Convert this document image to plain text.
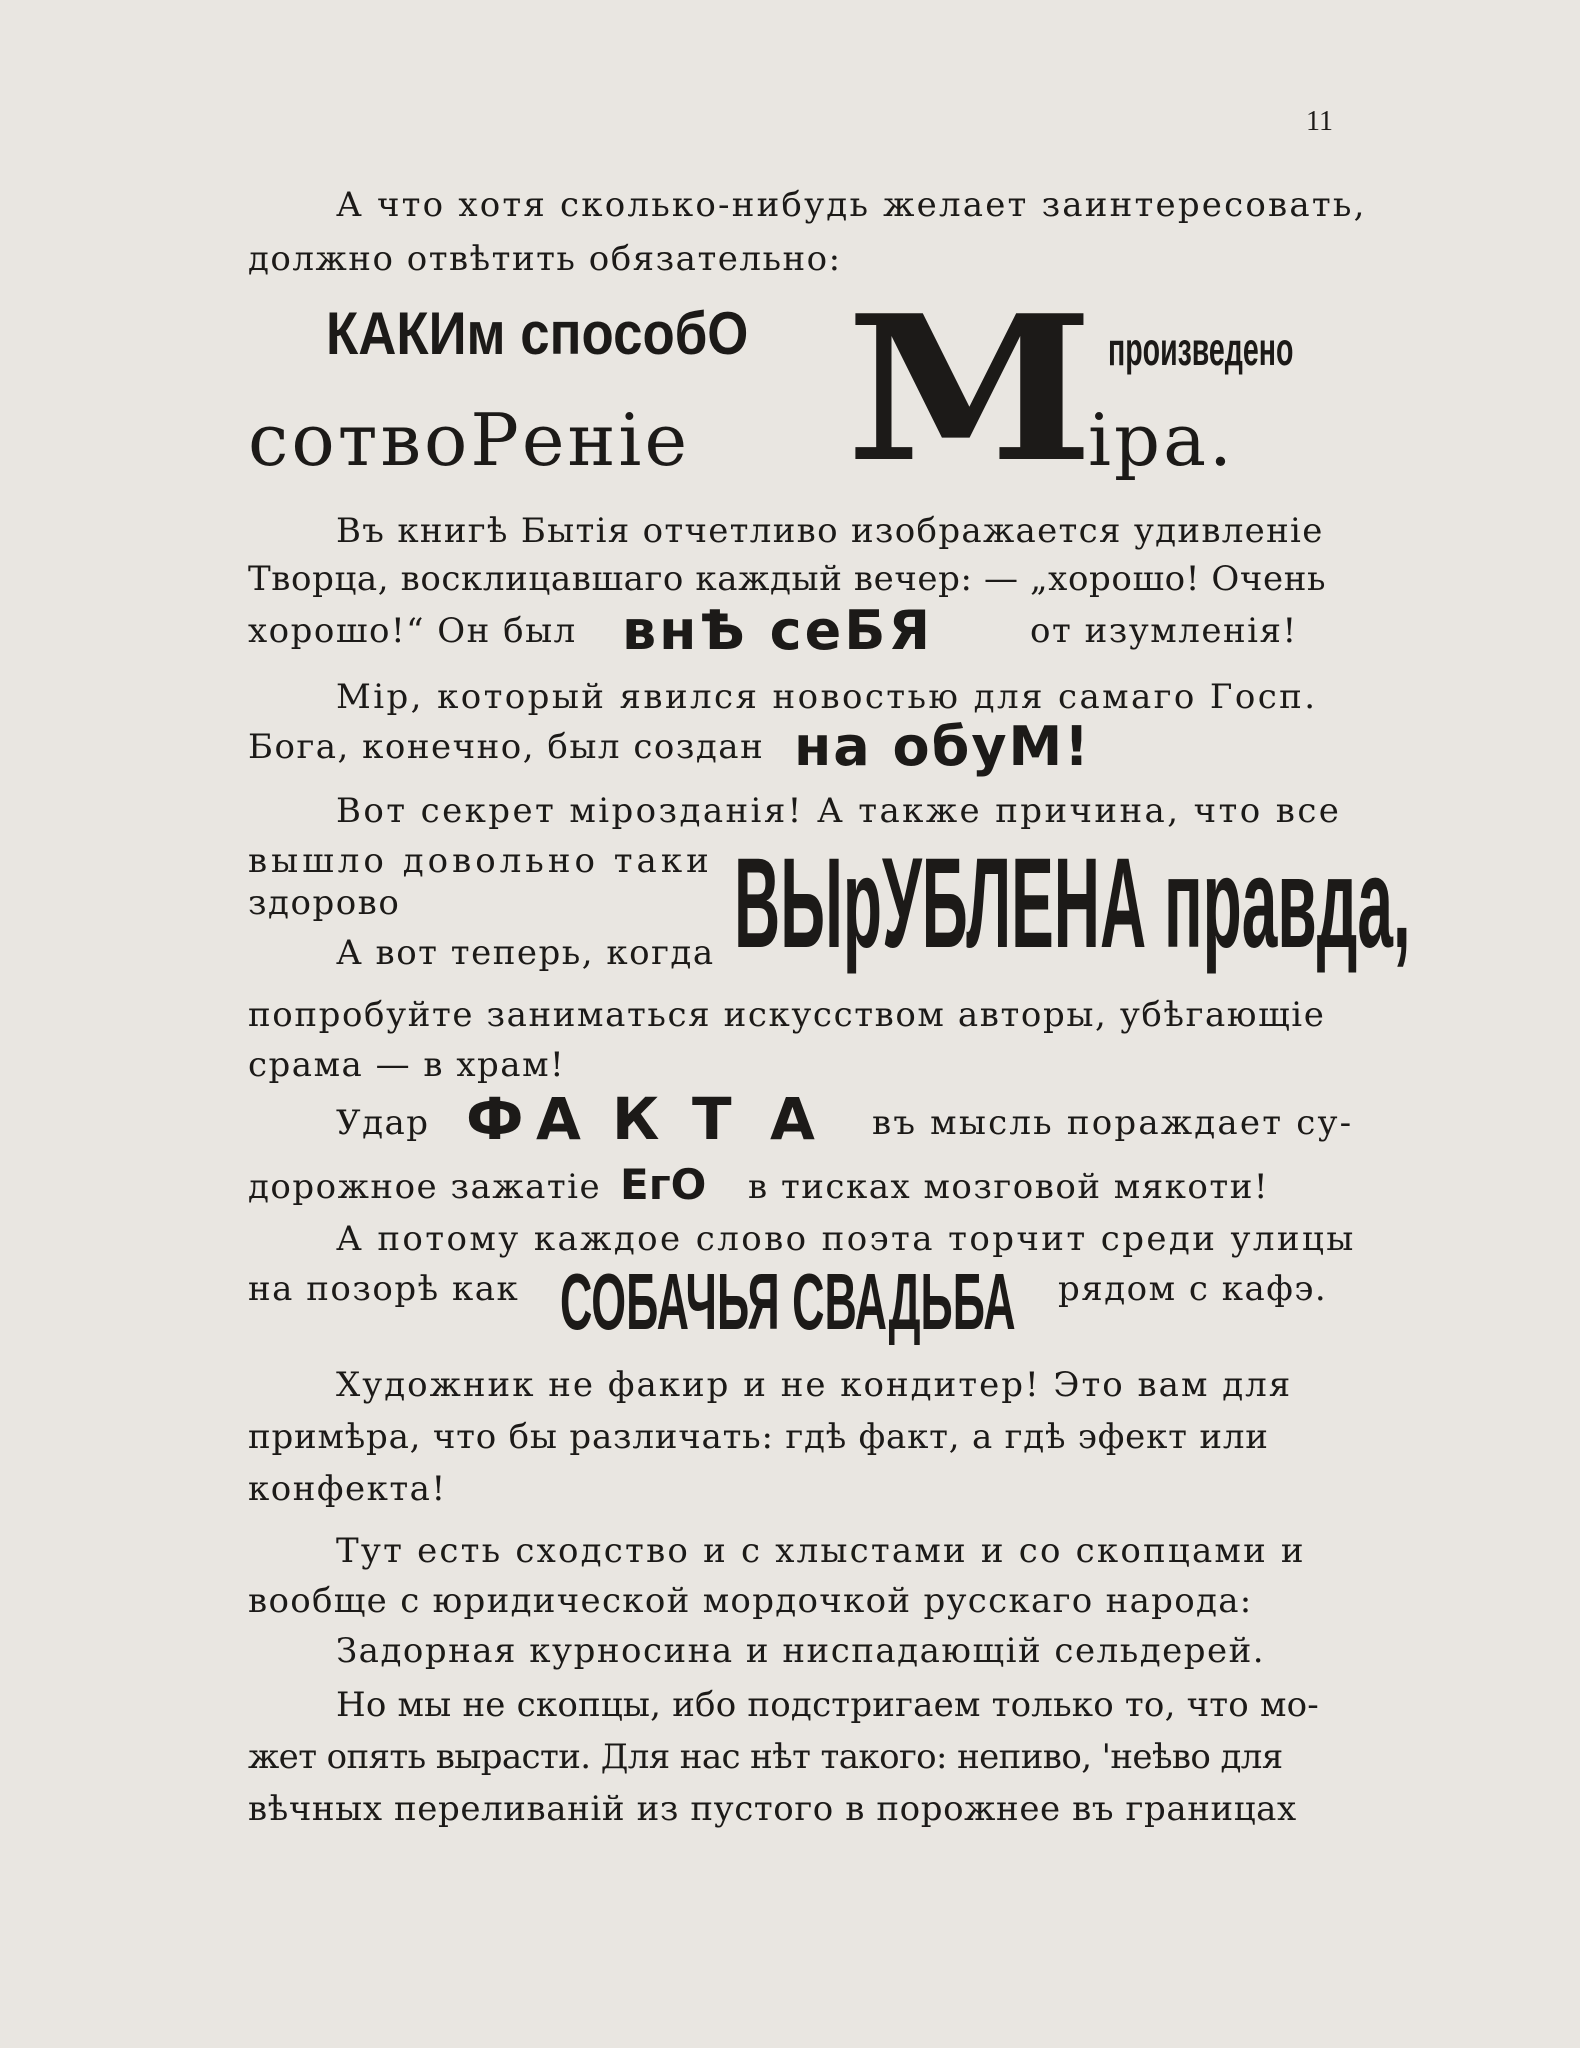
11
А что хотя сколько-нибудь желает заинтересовать,
должно отвѣтить обязательно:
КАКИм способО М произведено
сотвоРеніе	іра.
Въ книгѣ Бытія отчетливо изображается удивленіе
Творца, восклицавшаго каждый вечер: — „хорошо! Очень
хорошо!“ Он был внѢ сеБЯ	от изумленія!
Мір, который явился новостью для самаго Госп.
Бога, конечно, был создан на обуМ!
Вот секрет мірозданія! А также причина, что все
вышло довольно таки
здорово
А вот теперь, когда ВЫрУБЛЕНА правда,
попробуйте заниматься искусством авторы, убѣгающіе
срама — в храм!
Удар Ф А К Т А въ мысль пораждает су-
дорожное зажатіе ЕгО в тисках мозговой мякоти!
А потому каждое слово поэта торчит среди улицы
на позорѣ как СОБАЧЬЯ СВАДЬБА рядом с кафэ.
Художник не факир и не кондитер! Это вам для
примѣра, что бы различать: гдѣ факт, а гдѣ эфект или
конфекта!
Тут есть сходство и с хлыстами и со скопцами и
вообще с юридической мордочкой русскаго народа:
Задорная курносина и ниспадающій сельдерей.
Но мы не скопцы, ибо подстригаем только то, что мо-
жет опять вырасти. Для нас нѣт такого: непиво, 'неѣво для
вѣчных переливаній из пустого в порожнее въ границах
